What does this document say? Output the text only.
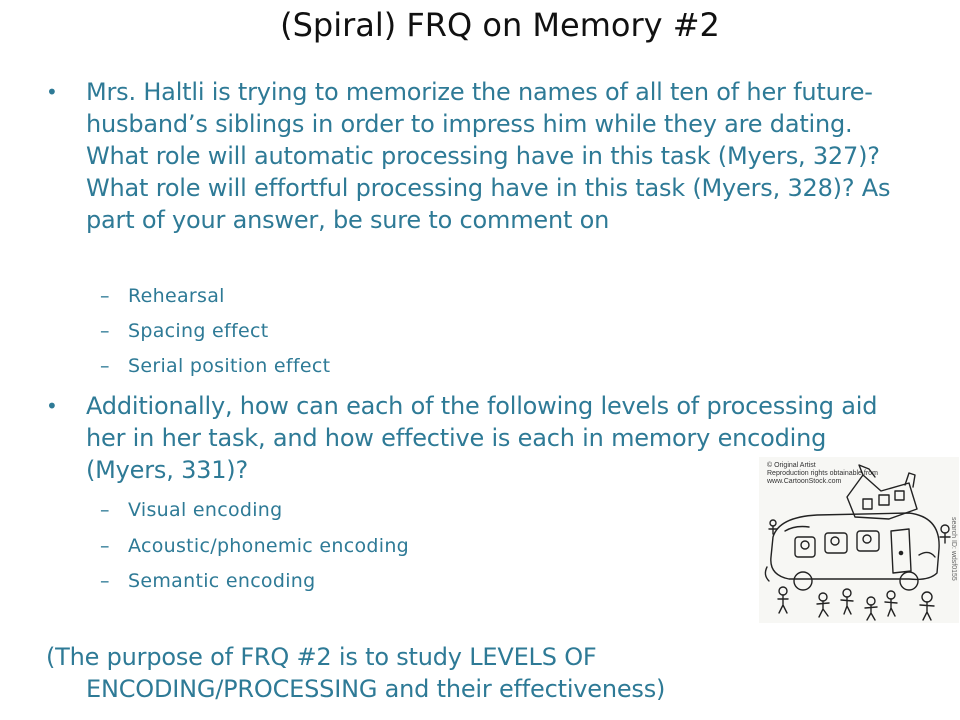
(Spiral) FRQ on Memory #2
• Mrs. Haltli is trying to memorize the names of all ten of her future-husband’s siblings in order to impress him while they are dating. What role will automatic processing have in this task (Myers, 327)? What role will effortful processing have in this task (Myers, 328)? As part of your answer, be sure to comment on
– Rehearsal
– Spacing effect
– Serial position effect
• Additionally, how can each of the following levels of processing aid her in her task, and how effective is each in memory encoding (Myers, 331)?
– Visual encoding
– Acoustic/phonemic encoding
– Semantic encoding
(The purpose of FRQ #2 is to study LEVELS OF
ENCODING/PROCESSING and their effectiveness)
© Original Artist
Reproduction rights obtainable from
www.CartoonStock.com
search ID: wdsf0155
